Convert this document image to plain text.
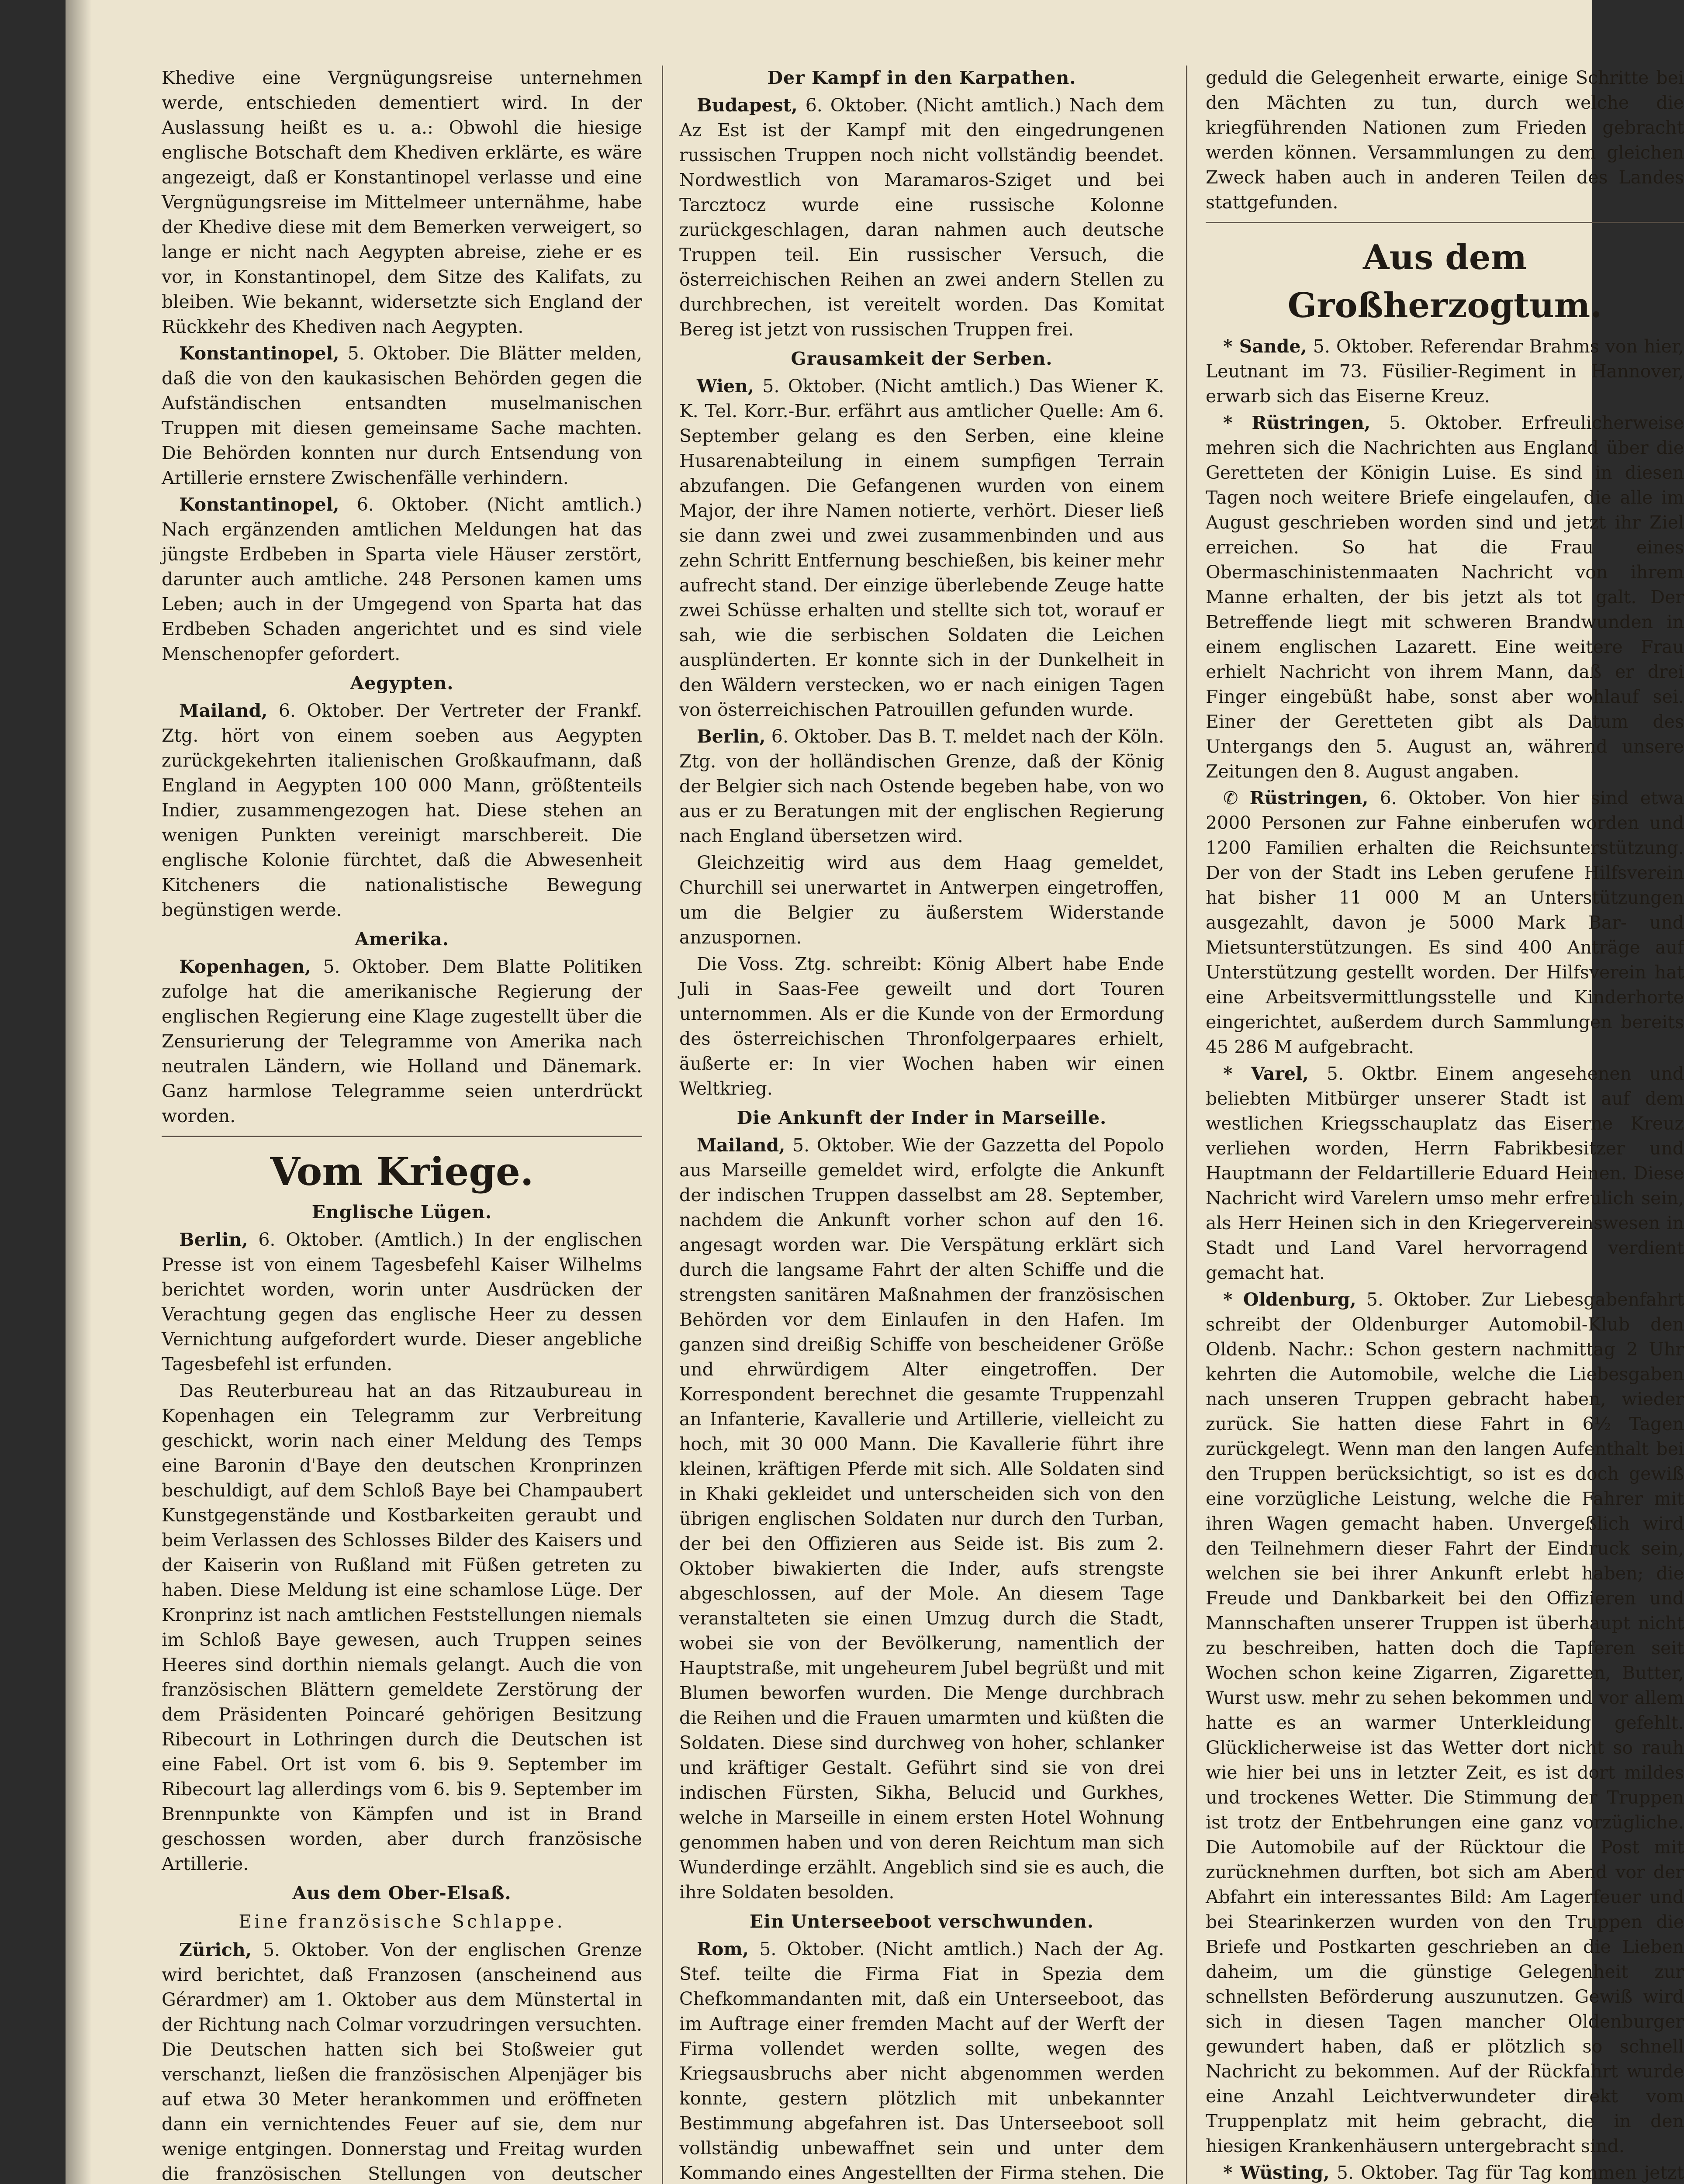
Khedive eine Vergnügungsreise unternehmen werde, entschieden dementiert wird. In der Auslassung heißt es u. a.: Obwohl die hiesige englische Botschaft dem Khediven erklärte, es wäre angezeigt, daß er Konstantinopel verlasse und eine Vergnügungsreise im Mittelmeer unternähme, habe der Khedive diese mit dem Bemerken verweigert, so lange er nicht nach Aegypten abreise, ziehe er es vor, in Konstantinopel, dem Sitze des Kalifats, zu bleiben. Wie bekannt, widersetzte sich England der Rückkehr des Khediven nach Aegypten.

Konstantinopel, 5. Oktober. Die Blätter melden, daß die von den kaukasischen Behörden gegen die Aufständischen entsandten muselmanischen Truppen mit diesen gemeinsame Sache machten. Die Behörden konnten nur durch Entsendung von Artillerie ernstere Zwischenfälle verhindern.

Konstantinopel, 6. Oktober. (Nicht amtlich.) Nach ergänzenden amtlichen Meldungen hat das jüngste Erdbeben in Sparta viele Häuser zerstört, darunter auch amtliche. 248 Personen kamen ums Leben; auch in der Umgegend von Sparta hat das Erdbeben Schaden angerichtet und es sind viele Menschenopfer gefordert.

Aegypten.

Mailand, 6. Oktober. Der Vertreter der Frankf. Ztg. hört von einem soeben aus Aegypten zurückgekehrten italienischen Großkaufmann, daß England in Aegypten 100 000 Mann, größtenteils Indier, zusammengezogen hat. Diese stehen an wenigen Punkten vereinigt marschbereit. Die englische Kolonie fürchtet, daß die Abwesenheit Kitcheners die nationalistische Bewegung begünstigen werde.

Amerika.

Kopenhagen, 5. Oktober. Dem Blatte Politiken zufolge hat die amerikanische Regierung der englischen Regierung eine Klage zugestellt über die Zensurierung der Telegramme von Amerika nach neutralen Ländern, wie Holland und Dänemark. Ganz harmlose Telegramme seien unterdrückt worden.

Vom Kriege.
Englische Lügen.

Berlin, 6. Oktober. (Amtlich.) In der englischen Presse ist von einem Tagesbefehl Kaiser Wilhelms berichtet worden, worin unter Ausdrücken der Verachtung gegen das englische Heer zu dessen Vernichtung aufgefordert wurde. Dieser angebliche Tagesbefehl ist erfunden.

Das Reuterbureau hat an das Ritzaubureau in Kopenhagen ein Telegramm zur Verbreitung geschickt, worin nach einer Meldung des Temps eine Baronin d'Baye den deutschen Kronprinzen beschuldigt, auf dem Schloß Baye bei Champaubert Kunstgegenstände und Kostbarkeiten geraubt und beim Verlassen des Schlosses Bilder des Kaisers und der Kaiserin von Rußland mit Füßen getreten zu haben. Diese Meldung ist eine schamlose Lüge. Der Kronprinz ist nach amtlichen Feststellungen niemals im Schloß Baye gewesen, auch Truppen seines Heeres sind dorthin niemals gelangt. Auch die von französischen Blättern gemeldete Zerstörung der dem Präsidenten Poincaré gehörigen Besitzung Ribecourt in Lothringen durch die Deutschen ist eine Fabel. Ort ist vom 6. bis 9. September im Ribecourt lag allerdings vom 6. bis 9. September im Brennpunkte von Kämpfen und ist in Brand geschossen worden, aber durch französische Artillerie.

Aus dem Ober-Elsaß.
Eine französische Schlappe.

Zürich, 5. Oktober. Von der englischen Grenze wird berichtet, daß Franzosen (anscheinend aus Gérardmer) am 1. Oktober aus dem Münstertal in der Richtung nach Colmar vorzudringen versuchten. Die Deutschen hatten sich bei Stoßweier gut verschanzt, ließen die französischen Alpenjäger bis auf etwa 30 Meter herankommen und eröffneten dann ein vernichtendes Feuer auf sie, dem nur wenige entgingen. Donnerstag und Freitag wurden die französischen Stellungen von deutscher

Der Kampf in den Karpathen.

Budapest, 6. Oktober. (Nicht amtlich.) Nach dem Az Est ist der Kampf mit den eingedrungenen russischen Truppen noch nicht vollständig beendet. Nordwestlich von Maramaros-Sziget und bei Tarcztocz wurde eine russische Kolonne zurückgeschlagen, daran nahmen auch deutsche Truppen teil. Ein russischer Versuch, die österreichischen Reihen an zwei andern Stellen zu durchbrechen, ist vereitelt worden. Das Komitat Bereg ist jetzt von russischen Truppen frei.

Grausamkeit der Serben.

Wien, 5. Oktober. (Nicht amtlich.) Das Wiener K. K. Tel. Korr.-Bur. erfährt aus amtlicher Quelle: Am 6. September gelang es den Serben, eine kleine Husarenabteilung in einem sumpfigen Terrain abzufangen. Die Gefangenen wurden von einem Major, der ihre Namen notierte, verhört. Dieser ließ sie dann zwei und zwei zusammenbinden und aus zehn Schritt Entfernung beschießen, bis keiner mehr aufrecht stand. Der einzige überlebende Zeuge hatte zwei Schüsse erhalten und stellte sich tot, worauf er sah, wie die serbischen Soldaten die Leichen ausplünderten. Er konnte sich in der Dunkelheit in den Wäldern verstecken, wo er nach einigen Tagen von österreichischen Patrouillen gefunden wurde.

Berlin, 6. Oktober. Das B. T. meldet nach der Köln. Ztg. von der holländischen Grenze, daß der König der Belgier sich nach Ostende begeben habe, von wo aus er zu Beratungen mit der englischen Regierung nach England übersetzen wird.

Gleichzeitig wird aus dem Haag gemeldet, Churchill sei unerwartet in Antwerpen eingetroffen, um die Belgier zu äußerstem Widerstande anzuspornen.

Die Voss. Ztg. schreibt: König Albert habe Ende Juli in Saas-Fee geweilt und dort Touren unternommen. Als er die Kunde von der Ermordung des österreichischen Thronfolgerpaares erhielt, äußerte er: In vier Wochen haben wir einen Weltkrieg.

Die Ankunft der Inder in Marseille.

Mailand, 5. Oktober. Wie der Gazzetta del Popolo aus Marseille gemeldet wird, erfolgte die Ankunft der indischen Truppen dasselbst am 28. September, nachdem die Ankunft vorher schon auf den 16. angesagt worden war. Die Verspätung erklärt sich durch die langsame Fahrt der alten Schiffe und die strengsten sanitären Maßnahmen der französischen Behörden vor dem Einlaufen in den Hafen. Im ganzen sind dreißig Schiffe von bescheidener Größe und ehrwürdigem Alter eingetroffen. Der Korrespondent berechnet die gesamte Truppenzahl an Infanterie, Kavallerie und Artillerie, vielleicht zu hoch, mit 30 000 Mann. Die Kavallerie führt ihre kleinen, kräftigen Pferde mit sich. Alle Soldaten sind in Khaki gekleidet und unterscheiden sich von den übrigen englischen Soldaten nur durch den Turban, der bei den Offizieren aus Seide ist. Bis zum 2. Oktober biwakierten die Inder, aufs strengste abgeschlossen, auf der Mole. An diesem Tage veranstalteten sie einen Umzug durch die Stadt, wobei sie von der Bevölkerung, namentlich der Hauptstraße, mit ungeheurem Jubel begrüßt und mit Blumen beworfen wurden. Die Menge durchbrach die Reihen und die Frauen umarmten und küßten die Soldaten. Diese sind durchweg von hoher, schlanker und kräftiger Gestalt. Geführt sind sie von drei indischen Fürsten, Sikha, Belucid und Gurkhes, welche in Marseille in einem ersten Hotel Wohnung genommen haben und von deren Reichtum man sich Wunderdinge erzählt. Angeblich sind sie es auch, die ihre Soldaten besolden.

Ein Unterseeboot verschwunden.

Rom, 5. Oktober. (Nicht amtlich.) Nach der Ag. Stef. teilte die Firma Fiat in Spezia dem Chefkommandanten mit, daß ein Unterseeboot, das im Auftrage einer fremden Macht auf der Werft der Firma vollendet werden sollte, wegen des Kriegsausbruchs aber nicht abgenommen werden konnte, gestern plötzlich mit unbekannter Bestimmung abgefahren ist. Das Unterseeboot soll vollständig unbewaffnet sein und unter dem Kommando eines Angestellten der Firma stehen. Die

geduld die Gelegenheit erwarte, einige Schritte bei den Mächten zu tun, durch welche die kriegführenden Nationen zum Frieden gebracht werden können. Versammlungen zu dem gleichen Zweck haben auch in anderen Teilen des Landes stattgefunden.

Aus dem Großherzogtum.

* Sande, 5. Oktober. Referendar Brahms von hier, Leutnant im 73. Füsilier-Regiment in Hannover, erwarb sich das Eiserne Kreuz.

* Rüstringen, 5. Oktober. Erfreulicherweise mehren sich die Nachrichten aus England über die Geretteten der Königin Luise. Es sind in diesen Tagen noch weitere Briefe eingelaufen, die alle im August geschrieben worden sind und jetzt ihr Ziel erreichen. So hat die Frau eines Obermaschinistenmaaten Nachricht von ihrem Manne erhalten, der bis jetzt als tot galt. Der Betreffende liegt mit schweren Brandwunden in einem englischen Lazarett. Eine weitere Frau erhielt Nachricht von ihrem Mann, daß er drei Finger eingebüßt habe, sonst aber wohlauf sei. Einer der Geretteten gibt als Datum des Untergangs den 5. August an, während unsere Zeitungen den 8. August angaben.

✆ Rüstringen, 6. Oktober. Von hier sind etwa 2000 Personen zur Fahne einberufen worden und 1200 Familien erhalten die Reichsunterstützung. Der von der Stadt ins Leben gerufene Hilfsverein hat bisher 11 000 M an Unterstützungen ausgezahlt, davon je 5000 Mark Bar- und Mietsunterstützungen. Es sind 400 Anträge auf Unterstützung gestellt worden. Der Hilfsverein hat eine Arbeitsvermittlungsstelle und Kinderhorte eingerichtet, außerdem durch Sammlungen bereits 45 286 M aufgebracht.

* Varel, 5. Oktbr. Einem angesehenen und beliebten Mitbürger unserer Stadt ist auf dem westlichen Kriegsschauplatz das Eiserne Kreuz verliehen worden, Herrn Fabrikbesitzer und Hauptmann der Feldartillerie Eduard Heinen. Diese Nachricht wird Varelern umso mehr erfreulich sein, als Herr Heinen sich in den Kriegervereinswesen in Stadt und Land Varel hervorragend verdient gemacht hat.

* Oldenburg, 5. Oktober. Zur Liebesgabenfahrt schreibt der Oldenburger Automobil-Klub den Oldenb. Nachr.: Schon gestern nachmittag 2 Uhr kehrten die Automobile, welche die Liebesgaben nach unseren Truppen gebracht haben, wieder zurück. Sie hatten diese Fahrt in 6½ Tagen zurückgelegt. Wenn man den langen Aufenthalt bei den Truppen berücksichtigt, so ist es doch gewiß eine vorzügliche Leistung, welche die Fahrer mit ihren Wagen gemacht haben. Unvergeßlich wird den Teilnehmern dieser Fahrt der Eindruck sein, welchen sie bei ihrer Ankunft erlebt haben; die Freude und Dankbarkeit bei den Offizieren und Mannschaften unserer Truppen ist überhaupt nicht zu beschreiben, hatten doch die Tapferen seit Wochen schon keine Zigarren, Zigaretten, Butter, Wurst usw. mehr zu sehen bekommen und vor allem hatte es an warmer Unterkleidung gefehlt. Glücklicherweise ist das Wetter dort nicht so rauh wie hier bei uns in letzter Zeit, es ist dort mildes und trockenes Wetter. Die Stimmung der Truppen ist trotz der Entbehrungen eine ganz vorzügliche. Die Automobile auf der Rücktour die Post mit zurücknehmen durften, bot sich am Abend vor der Abfahrt ein interessantes Bild: Am Lagerfeuer und bei Stearinkerzen wurden von den Truppen die Briefe und Postkarten geschrieben an die Lieben daheim, um die günstige Gelegenheit zur schnellsten Beförderung auszunutzen. Gewiß wird sich in diesen Tagen mancher Oldenburger gewundert haben, daß er plötzlich so schnell Nachricht zu bekommen. Auf der Rückfahrt wurde eine Anzahl Leichtverwundeter direkt vom Truppenplatz mit heim gebracht, die in den hiesigen Krankenhäusern untergebracht sind.

* Wüsting, 5. Oktober. Tag für Tag kommen jetzt
